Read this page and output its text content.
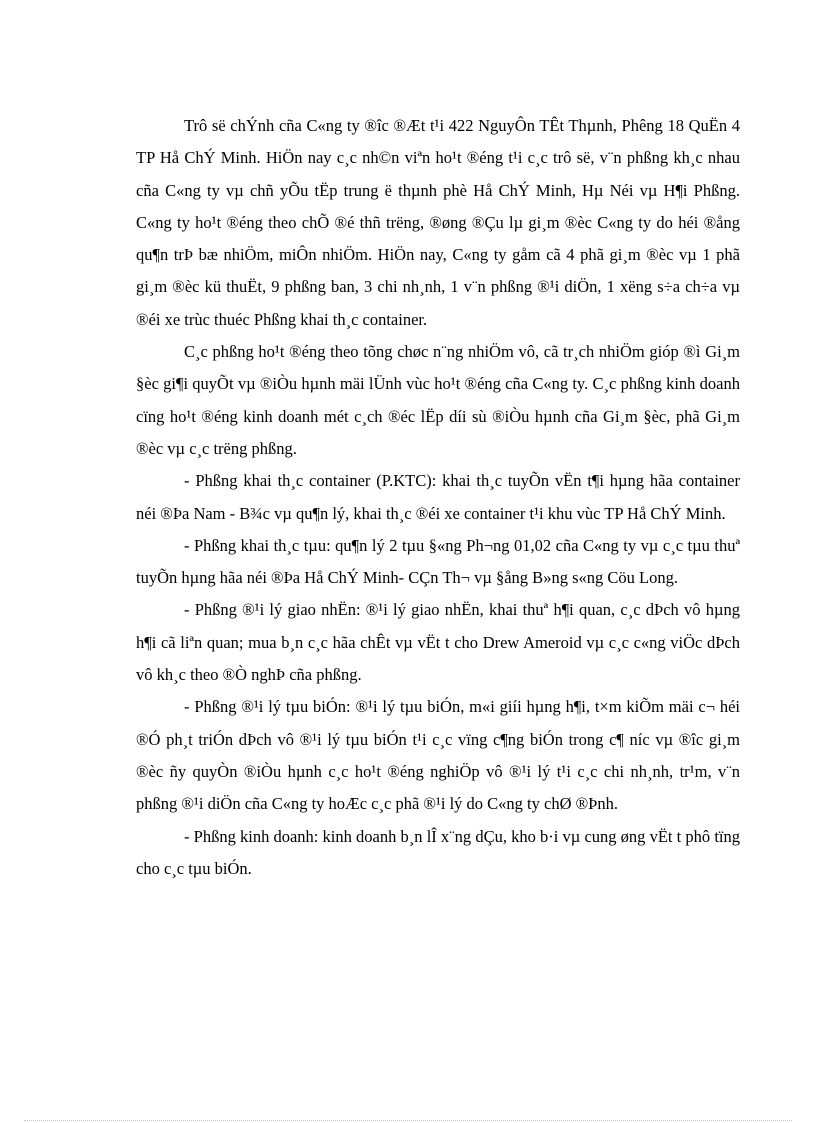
Trô së chÝnh cña C«ng ty ®îc ®Æt t¹i 422 NguyÔn TÊt Thµnh, Phêng 18 QuËn 4 TP Hå ChÝ Minh. HiÖn nay c¸c nh©n viªn ho¹t ®éng t¹i c¸c trô së, v¨n phßng kh¸c nhau cña C«ng ty vµ chñ yÕu tËp trung ë thµnh phè Hå ChÝ Minh, Hµ Néi vµ H¶i Phßng. C«ng ty ho¹t ®éng theo chÕ ®é thñ trëng, ®øng ®Çu lµ gi¸m ®èc C«ng ty do héi ®ång qu¶n trÞ bæ nhiÖm, miÔn nhiÖm. HiÖn nay, C«ng ty gåm cã 4 phã gi¸m ®èc vµ 1 phã gi¸m ®èc kü thuËt, 9 phßng ban, 3 chi nh¸nh, 1 v¨n phßng ®¹i diÖn, 1 xëng s÷a ch÷a vµ ®éi xe trùc thuéc Phßng khai th¸c container.

C¸c phßng ho¹t ®éng theo tõng chøc n¨ng nhiÖm vô, cã tr¸ch nhiÖm gióp ®ì Gi¸m §èc gi¶i quyÕt vµ ®iÒu hµnh mäi lÜnh vùc ho¹t ®éng cña C«ng ty. C¸c phßng kinh doanh cïng ho¹t ®éng kinh doanh mét c¸ch ®éc lËp díi sù ®iÒu hµnh cña Gi¸m §èc, phã Gi¸m ®èc vµ c¸c trëng phßng.

- Phßng khai th¸c container (P.KTC): khai th¸c tuyÕn vËn t¶i hµng hãa container néi ®Þa Nam - B¾c vµ qu¶n lý, khai th¸c ®éi xe container t¹i khu vùc TP Hå ChÝ Minh.

- Phßng khai th¸c tµu: qu¶n lý 2 tµu §«ng Ph¬ng 01,02 cña C«ng ty vµ c¸c tµu thuª tuyÕn hµng hãa néi ®Þa Hå ChÝ Minh- CÇn Th¬ vµ §ång B»ng s«ng Cöu Long.

- Phßng ®¹i lý giao nhËn: ®¹i lý giao nhËn, khai thuª h¶i quan, c¸c dÞch vô hµng h¶i cã liªn quan; mua b¸n c¸c hãa chÊt vµ vËt t cho Drew Ameroid vµ c¸c c«ng viÖc dÞch vô kh¸c theo ®Ò nghÞ cña phßng.

- Phßng ®¹i lý tµu biÓn: ®¹i lý tµu biÓn, m«i giíi hµng h¶i, t×m kiÕm mäi c¬ héi ®Ó ph¸t triÓn dÞch vô ®¹i lý tµu biÓn t¹i c¸c vïng c¶ng biÓn trong c¶ níc vµ ®îc gi¸m ®èc ñy quyÒn ®iÒu hµnh c¸c ho¹t ®éng nghiÖp vô ®¹i lý t¹i c¸c chi nh¸nh, tr¹m, v¨n phßng ®¹i diÖn cña C«ng ty hoÆc c¸c phã ®¹i lý do C«ng ty chØ ®Þnh.

- Phßng kinh doanh: kinh doanh b¸n lÎ x¨ng dÇu, kho b·i vµ cung øng vËt t phô tïng cho c¸c tµu biÓn.
